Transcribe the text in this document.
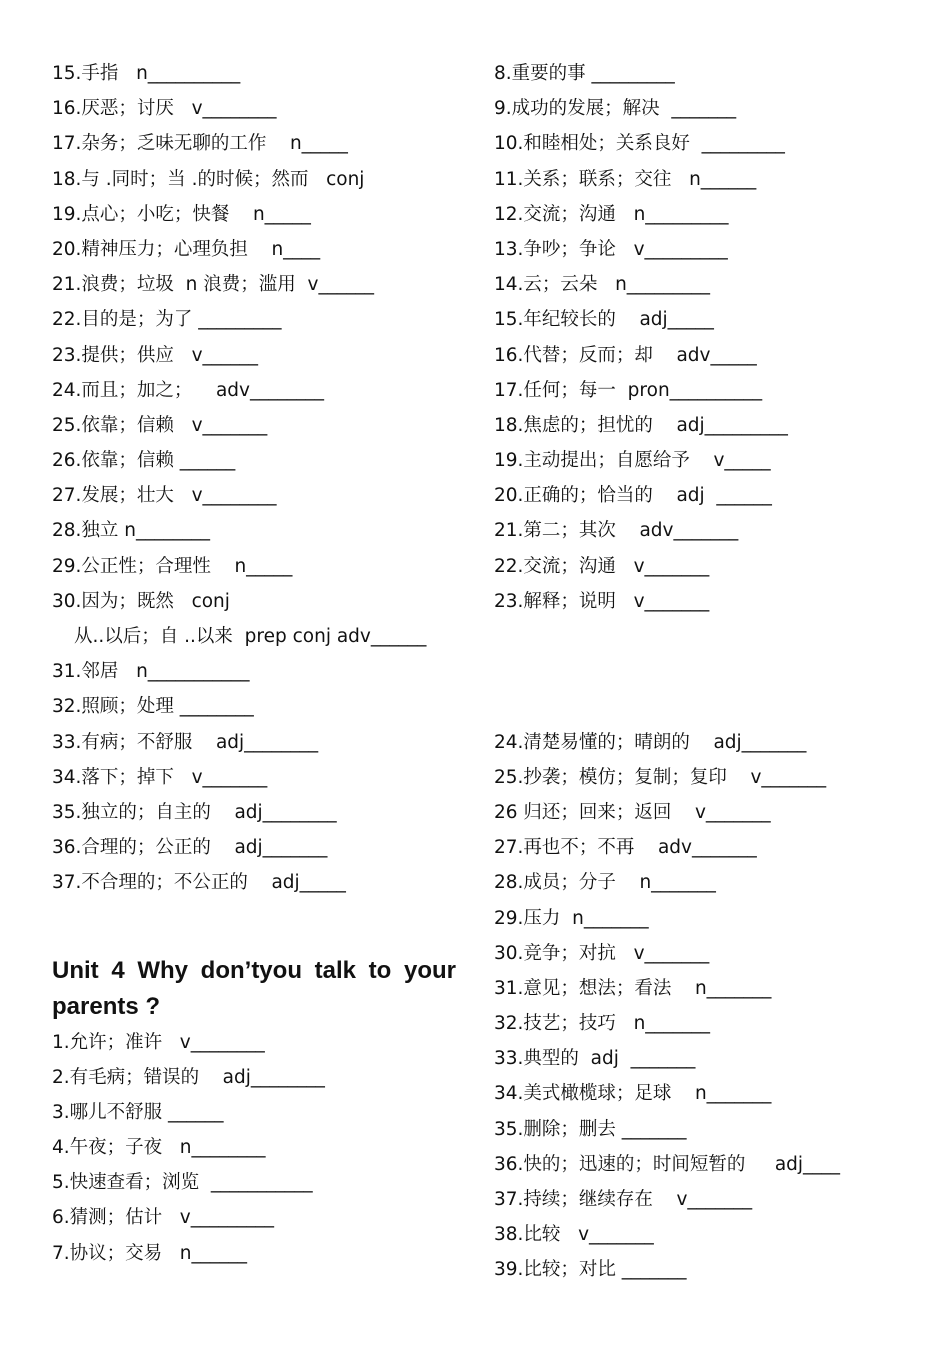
15.手指   n__________
16.厌恶；讨厌   v________
17.杂务；乏味无聊的工作    n_____
18.与 .同时；当 .的时候；然而   conj
19.点心；小吃；快餐    n_____
20.精神压力；心理负担    n____
21.浪费；垃圾  n 浪费；滥用  v______
22.目的是；为了 _________
23.提供；供应   v______
24.而且；加之；    adv________
25.依靠；信赖   v_______
26.依靠；信赖 ______
27.发展；壮大   v________
28.独立 n________
29.公正性；合理性    n_____
30.因为；既然   conj
从..以后；自 ..以来  prep conj adv______
31.邻居   n___________
32.照顾；处理 ________
33.有病；不舒服    adj________
34.落下；掉下   v_______
35.独立的；自主的    adj________
36.合理的；公正的    adj_______
37.不合理的；不公正的    adj_____
Unit 4 Why don’tyou talk to your parents ?
1.允许；准许   v________
2.有毛病；错误的    adj________
3.哪儿不舒服 ______
4.午夜；子夜   n________
5.快速查看；浏览  ___________
6.猜测；估计   v_________
7.协议；交易   n______
8.重要的事 _________
9.成功的发展；解决  _______
10.和睦相处；关系良好  _________
11.关系；联系；交往   n______
12.交流；沟通   n_________
13.争吵；争论   v_________
14.云；云朵   n_________
15.年纪较长的    adj_____
16.代替；反而；却    adv_____
17.任何；每一  pron__________
18.焦虑的；担忧的    adj_________
19.主动提出；自愿给予    v_____
20.正确的；恰当的    adj  ______
21.第二；其次    adv_______
22.交流；沟通   v_______
23.解释；说明   v_______
24.清楚易懂的；晴朗的    adj_______
25.抄袭；模仿；复制；复印    v_______
26 归还；回来；返回    v_______
27.再也不；不再    adv_______
28.成员；分子    n_______
29.压力  n_______
30.竞争；对抗   v_______
31.意见；想法；看法    n_______
32.技艺；技巧   n_______
33.典型的  adj  _______
34.美式橄榄球；足球    n_______
35.删除；删去 _______
36.快的；迅速的；时间短暂的     adj____
37.持续；继续存在    v_______
38.比较   v_______
39.比较；对比 _______
